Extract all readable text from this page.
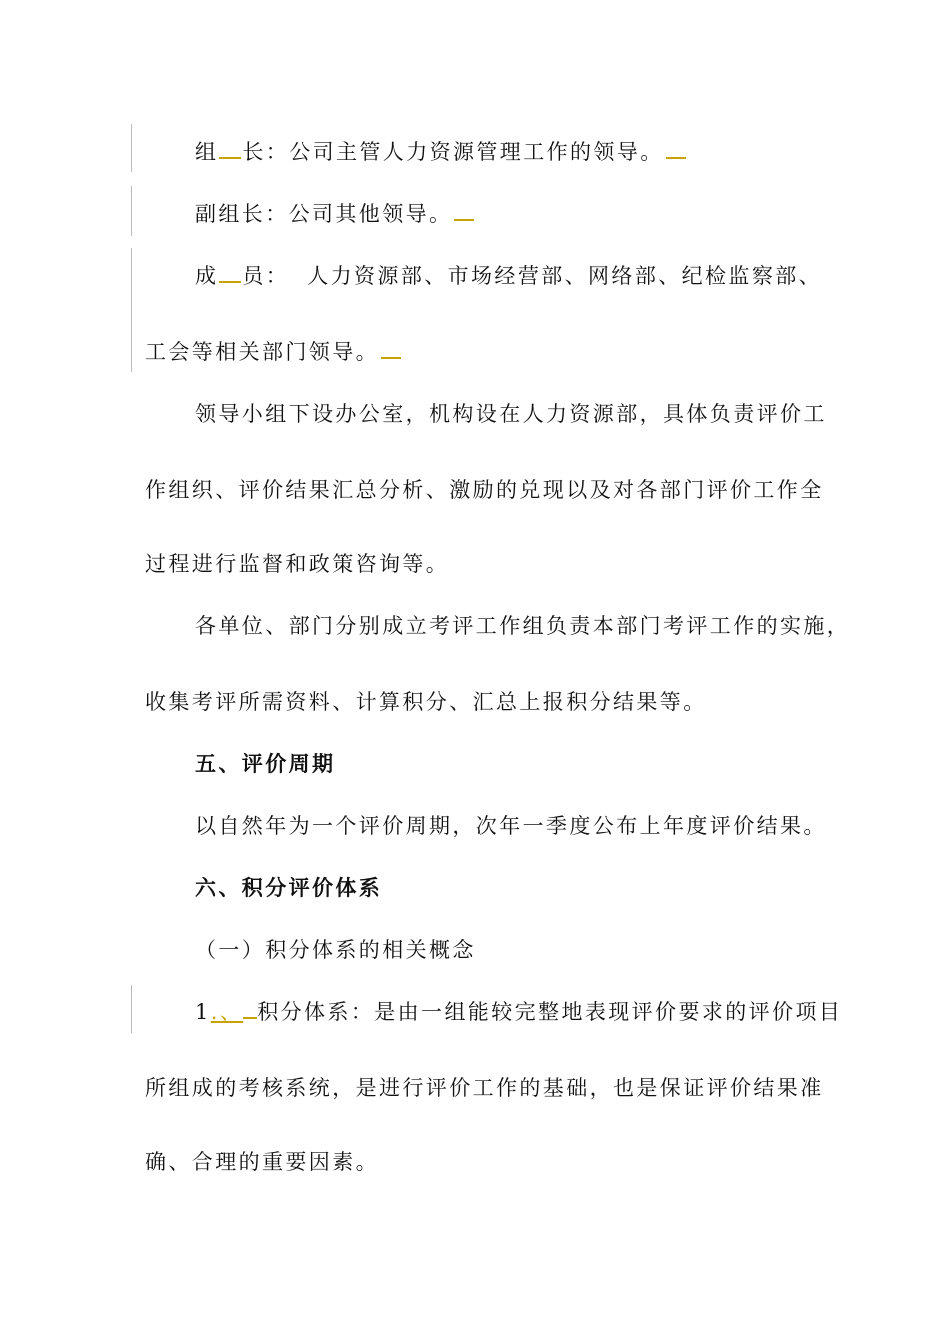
组 长：公司主管人力资源管理工作的领导。
副组长：公司其他领导。
成 员： 人力资源部、市场经营部、网络部、纪检监察部、
工会等相关部门领导。
领导小组下设办公室，机构设在人力资源部，具体负责评价工
作组织、评价结果汇总分析、激励的兑现以及对各部门评价工作全
过程进行监督和政策咨询等。
各单位、部门分别成立考评工作组负责本部门考评工作的实施，
收集考评所需资料、计算积分、汇总上报积分结果等。
五、评价周期
以自然年为一个评价周期，次年一季度公布上年度评价结果。
六、积分评价体系
（一）积分体系的相关概念
1.、 积分体系：是由一组能较完整地表现评价要求的评价项目
所组成的考核系统，是进行评价工作的基础，也是保证评价结果准
确、合理的重要因素。
